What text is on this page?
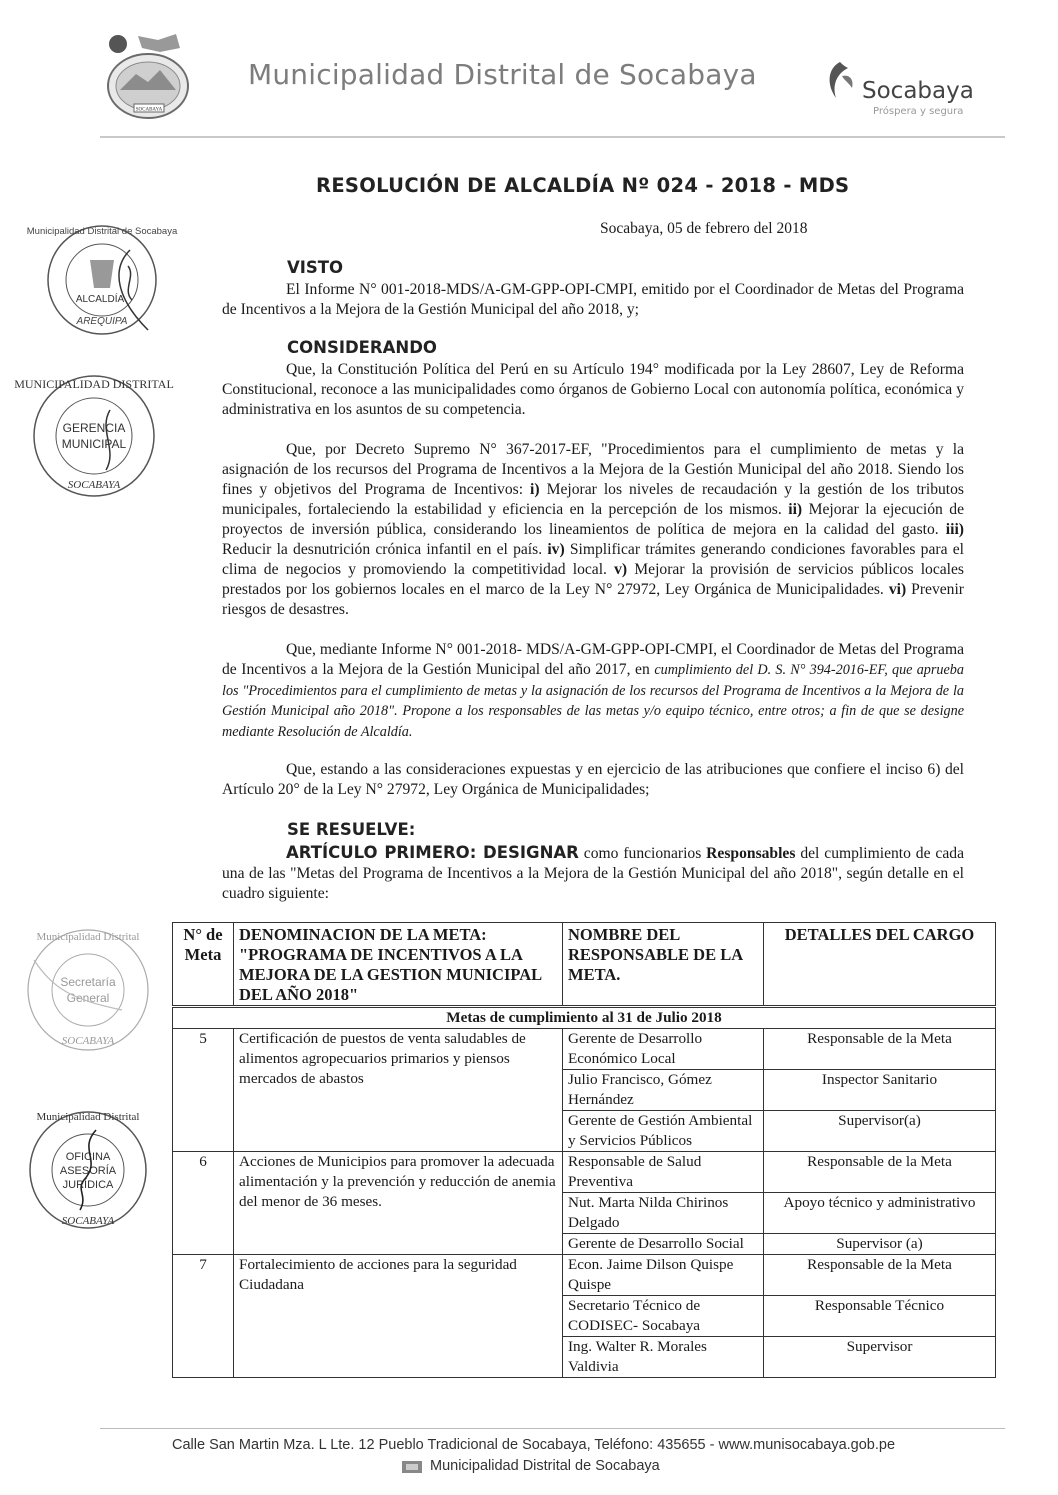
SOCABAYA
Municipalidad Distrital de Socabaya	Socabaya
Próspera y segura
RESOLUCIÓN DE ALCALDÍA Nº 024 - 2018 - MDS
Socabaya, 05 de febrero del 2018
Municipalidad Distrital de Socabaya
ALCALDÍA
AREQUIPA
MUNICIPALIDAD DISTRITAL
GERENCIA
MUNICIPAL
SOCABAYA
Municipalidad Distrital
Secretaría
General
SOCABAYA
Municipalidad Distrital
OFICINA
ASESORÍA
JURÍDICA
SOCABAYA
VISTO
El Informe N° 001-2018-MDS/A-GM-GPP-OPI-CMPI, emitido por el Coordinador de Metas del Programa de Incentivos a la Mejora de la Gestión Municipal del año 2018, y;
CONSIDERANDO
Que, la Constitución Política del Perú en su Artículo 194° modificada por la Ley 28607, Ley de Reforma Constitucional, reconoce a las municipalidades como órganos de Gobierno Local con autonomía política, económica y administrativa en los asuntos de su competencia.
Que, por Decreto Supremo N° 367-2017-EF, "Procedimientos para el cumplimiento de metas y la asignación de los recursos del Programa de Incentivos a la Mejora de la Gestión Municipal del año 2018. Siendo los fines y objetivos del Programa de Incentivos: i) Mejorar los niveles de recaudación y la gestión de los tributos municipales, fortaleciendo la estabilidad y eficiencia en la percepción de los mismos. ii) Mejorar la ejecución de proyectos de inversión pública, considerando los lineamientos de política de mejora en la calidad del gasto. iii) Reducir la desnutrición crónica infantil en el país. iv) Simplificar trámites generando condiciones favorables para el clima de negocios y promoviendo la competitividad local. v) Mejorar la provisión de servicios públicos locales prestados por los gobiernos locales en el marco de la Ley N° 27972, Ley Orgánica de Municipalidades. vi) Prevenir riesgos de desastres.
Que, mediante Informe N° 001-2018- MDS/A-GM-GPP-OPI-CMPI, el Coordinador de Metas del Programa de Incentivos a la Mejora de la Gestión Municipal del año 2017, en cumplimiento del D. S. N° 394-2016-EF, que aprueba los "Procedimientos para el cumplimiento de metas y la asignación de los recursos del Programa de Incentivos a la Mejora de la Gestión Municipal año 2018". Propone a los responsables de las metas y/o equipo técnico, entre otros; a fin de que se designe mediante Resolución de Alcaldía.
Que, estando a las consideraciones expuestas y en ejercicio de las atribuciones que confiere el inciso 6) del Artículo 20° de la Ley N° 27972, Ley Orgánica de Municipalidades;
SE RESUELVE:
ARTÍCULO PRIMERO: DESIGNAR como funcionarios Responsables del cumplimiento de cada una de las "Metas del Programa de Incentivos a la Mejora de la Gestión Municipal del año 2018", según detalle en el cuadro siguiente:
N° de Meta	DENOMINACION DE LA META: "PROGRAMA DE INCENTIVOS A LA MEJORA DE LA GESTION MUNICIPAL DEL AÑO 2018"	NOMBRE DEL RESPONSABLE DE LA META.	DETALLES DEL CARGO
Metas de cumplimiento al 31 de Julio 2018			
5	Certificación de puestos de venta saludables de alimentos agropecuarios primarios y piensos mercados de abastos	Gerente de Desarrollo Económico Local	Responsable de la Meta
		Julio Francisco, Gómez Hernández	Inspector Sanitario
		Gerente de Gestión Ambiental y Servicios Públicos	Supervisor(a)
6	Acciones de Municipios para promover la adecuada alimentación y la prevención y reducción de anemia del menor de 36 meses.	Responsable de Salud Preventiva	Responsable de la Meta
		Nut. Marta Nilda Chirinos Delgado	Apoyo técnico y administrativo
		Gerente de Desarrollo Social	Supervisor (a)
7	Fortalecimiento de acciones para la seguridad Ciudadana	Econ. Jaime Dilson Quispe Quispe	Responsable de la Meta
		Secretario Técnico de CODISEC- Socabaya	Responsable Técnico
		Ing. Walter R. Morales Valdivia	Supervisor
Calle San Martin Mza. L Lte. 12 Pueblo Tradicional de Socabaya, Teléfono: 435655 - www.munisocabaya.gob.pe
Municipalidad Distrital de Socabaya
